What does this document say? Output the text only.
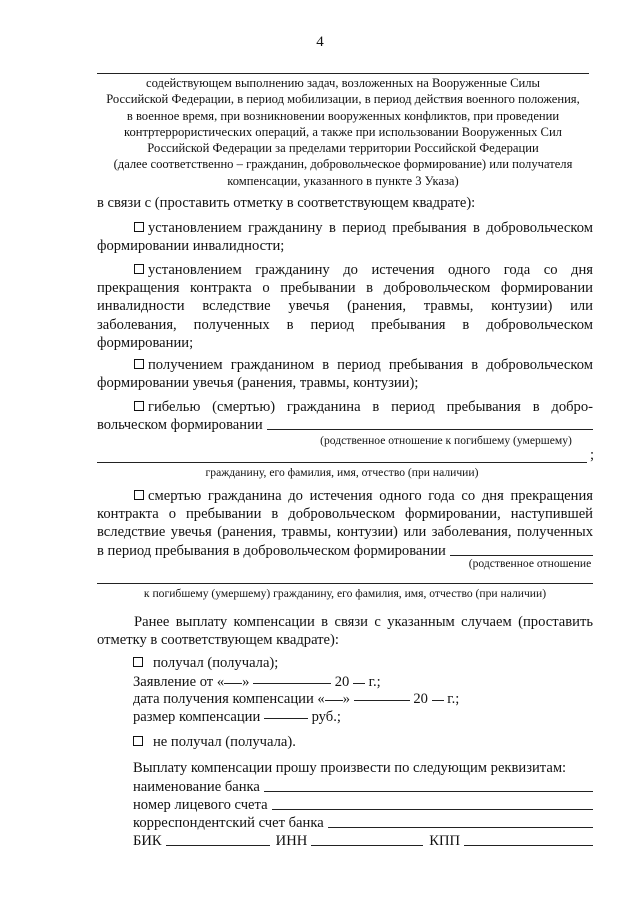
4
содействующем выполнению задач, возложенных на Вооруженные Силы
Российской Федерации, в период мобилизации, в период действия военного положения,
в военное время, при возникновении вооруженных конфликтов, при проведении
контртеррористических операций, а также при использовании Вооруженных Сил
Российской Федерации за пределами территории Российской Федерации
(далее соответственно – гражданин, добровольческое формирование) или получателя
компенсации, указанного в пункте 3 Указа)
в связи с (проставить отметку в соответствующем квадрате):
установлением гражданину в период пребывания в добровольческом
формировании инвалидности;
установлением гражданину до истечения одного года со дня
прекращения контракта о пребывании в добровольческом формировании
инвалидности вследствие увечья (ранения, травмы, контузии) или
заболевания, полученных в период пребывания в добровольческом
формировании;
получением гражданином в период пребывания в добровольческом
формировании увечья (ранения, травмы, контузии);
гибелью (смертью) гражданина в период пребывания в добро-
вольческом формировании
(родственное отношение к погибшему (умершему)
;
гражданину, его фамилия, имя, отчество (при наличии)
смертью гражданина до истечения одного года со дня прекращения
контракта о пребывании в добровольческом формировании, наступившей
вследствие увечья (ранения, травмы, контузии) или заболевания, полученных
в период пребывания в добровольческом формировании
(родственное отношение
к погибшему (умершему) гражданину, его фамилия, имя, отчество (при наличии)
Ранее выплату компенсации в связи с указанным случаем (проставить
отметку в соответствующем квадрате):
получал (получала);
Заявление от « »	20 г.;
дата получения компенсации « »	20 г.;
размер компенсации	руб.;
не получал (получала).
Выплату компенсации прошу произвести по следующим реквизитам:
наименование банка
номер лицевого счета
корреспондентский счет банка
БИК	ИНН	КПП
